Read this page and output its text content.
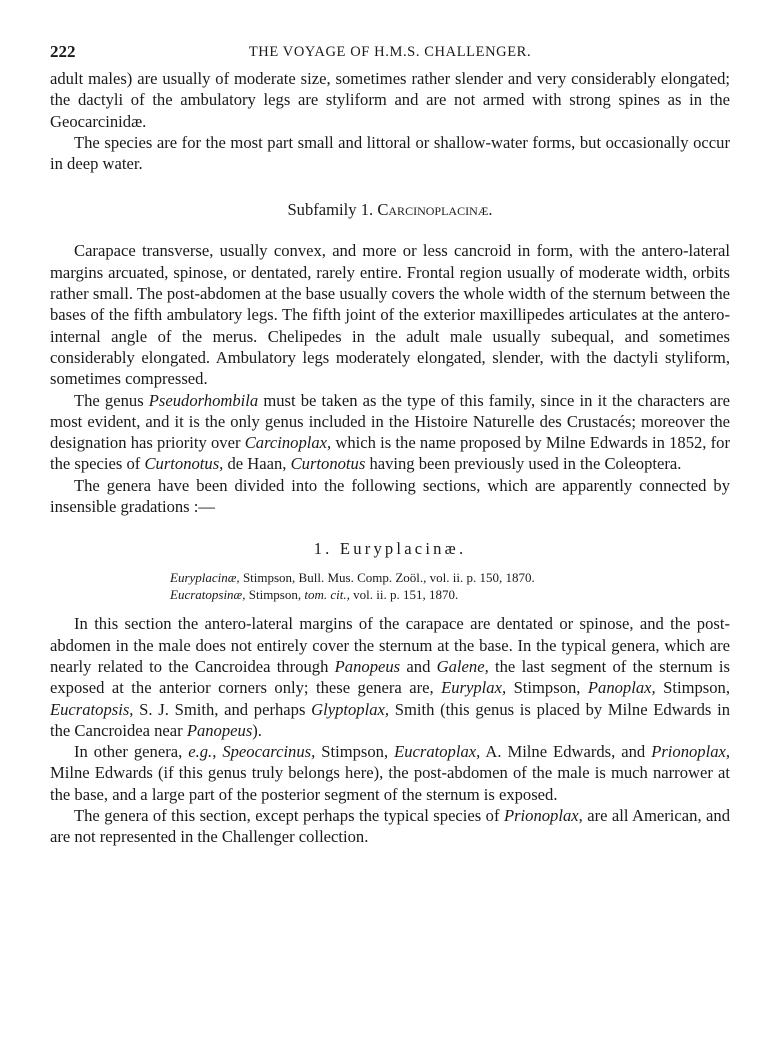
222	THE VOYAGE OF H.M.S. CHALLENGER.

adult males) are usually of moderate size, sometimes rather slender and very considerably elongated; the dactyli of the ambulatory legs are styliform and are not armed with strong spines as in the Geocarcinidæ.

The species are for the most part small and littoral or shallow-water forms, but occasionally occur in deep water.

Subfamily 1. Carcinoplacinæ.

Carapace transverse, usually convex, and more or less cancroid in form, with the antero-lateral margins arcuated, spinose, or dentated, rarely entire. Frontal region usually of moderate width, orbits rather small. The post-abdomen at the base usually covers the whole width of the sternum between the bases of the fifth ambulatory legs. The fifth joint of the exterior maxillipedes articulates at the antero-internal angle of the merus. Chelipedes in the adult male usually subequal, and sometimes considerably elongated. Ambulatory legs moderately elongated, slender, with the dactyli styliform, sometimes compressed.

The genus Pseudorhombila must be taken as the type of this family, since in it the characters are most evident, and it is the only genus included in the Histoire Naturelle des Crustacés; moreover the designation has priority over Carcinoplax, which is the name proposed by Milne Edwards in 1852, for the species of Curtonotus, de Haan, Curtonotus having been previously used in the Coleoptera.

The genera have been divided into the following sections, which are apparently connected by insensible gradations :—

1. Euryplacinæ.
Euryplacinæ, Stimpson, Bull. Mus. Comp. Zoöl., vol. ii. p. 150, 1870.
Eucratopsinæ, Stimpson, tom. cit., vol. ii. p. 151, 1870.

In this section the antero-lateral margins of the carapace are dentated or spinose, and the post-abdomen in the male does not entirely cover the sternum at the base. In the typical genera, which are nearly related to the Cancroidea through Panopeus and Galene, the last segment of the sternum is exposed at the anterior corners only; these genera are, Euryplax, Stimpson, Panoplax, Stimpson, Eucratopsis, S. J. Smith, and perhaps Glyptoplax, Smith (this genus is placed by Milne Edwards in the Cancroidea near Panopeus).

In other genera, e.g., Speocarcinus, Stimpson, Eucratoplax, A. Milne Edwards, and Prionoplax, Milne Edwards (if this genus truly belongs here), the post-abdomen of the male is much narrower at the base, and a large part of the posterior segment of the sternum is exposed.

The genera of this section, except perhaps the typical species of Prionoplax, are all American, and are not represented in the Challenger collection.
